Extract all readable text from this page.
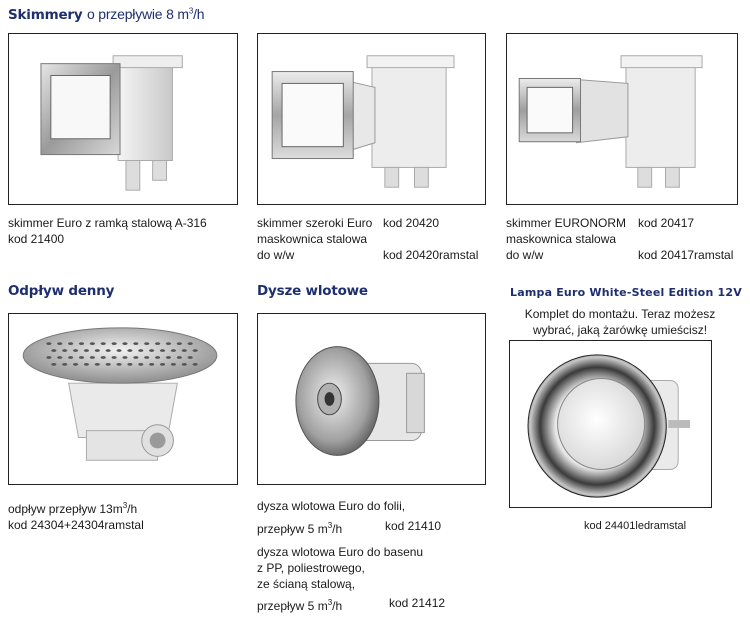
Skimmery o przepływie 8 $m^3/h$
skimmer Euro z ramką stalową A-316
kod 21400
skimmer szeroki Euro kod 20420
maskownica stalowa
do w/w	kod 20420ramstal
skimmer EURONORM kod 20417
maskownica stalowa
do w/w	kod 20417ramstal
Odpływ denny
odpływ przepływ $13m^3/h$
kod 24304+24304ramstal
Dysze wlotowe
dysza wlotowa Euro do folii,
przepływ 5 $m^3/h$	kod 21410
dysza wlotowa Euro do basenu
z PP, poliestrowego,
ze ścianą stalową,
przepływ 5 $m^3/h$	kod 21412
Lampa Euro White-Steel Edition 12V
Komplet do montażu. Teraz możesz
wybrać, jaką żarówkę umieścisz!
kod 24401ledramstal
